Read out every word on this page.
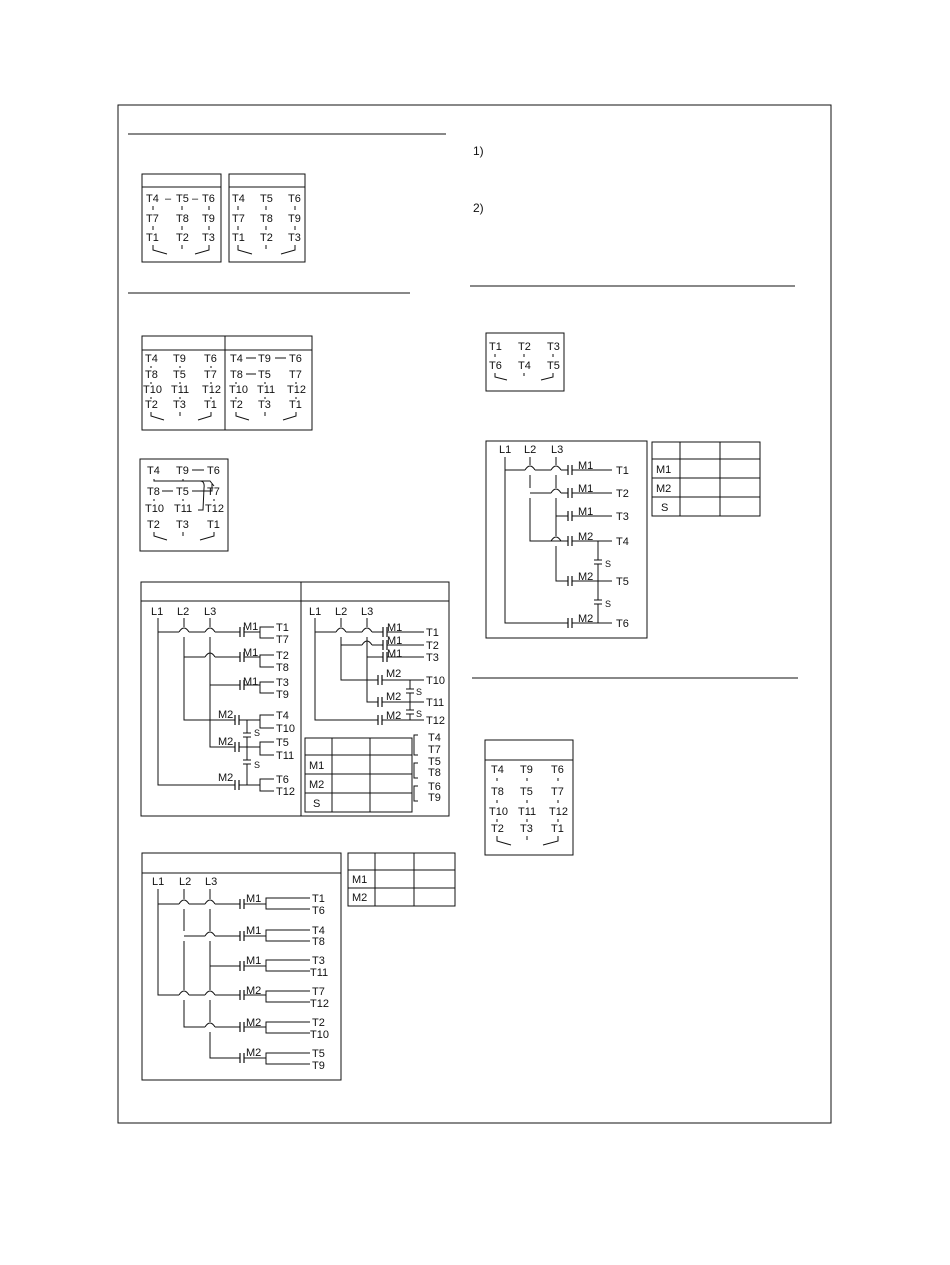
1)
2)
T4 – T5 – T6
T7 T8 T9
T1 T2 T3
T4 T5 T6
T7 T8 T9
T1 T2 T3
T4 T9 T6
T8 T5 T7
T10 T11 T12
T2 T3 T1
T4 T9 T6
T8 T5 T7
T10 T11 T12
T2 T3 T1
T4 T9 T6
T8 T5 T7
T10 T11 T12
T2 T3 T1
L1 L2 L3
M1
M1
M1
M2
M2
M2
T1
T7
T2
T8
T3
T9
T4
T10
T5
T11
T6
T12
S
S
L1 L2 L3
M1
M1
M1
M2
M2
M2
T1
T2
T3
T10
T11
T12
S
S
M1
M2
S
T4
T7
T5
T8
T6
T9
L1 L2 L3
M1
M1
M1
M2
M2
M2
T1
T6
T4
T8
T3
T11
T7
T12
T2
T10
T5
T9
M1
M2
T1 T2 T3
T6 T4 T5
L1 L2 L3
M1
M1
M1
M2
M2
M2
T1
T2
T3
T4
T5
T6
S
S
M1
M2
S
T4 T9 T6
T8 T5 T7
T10 T11 T12
T2 T3 T1
